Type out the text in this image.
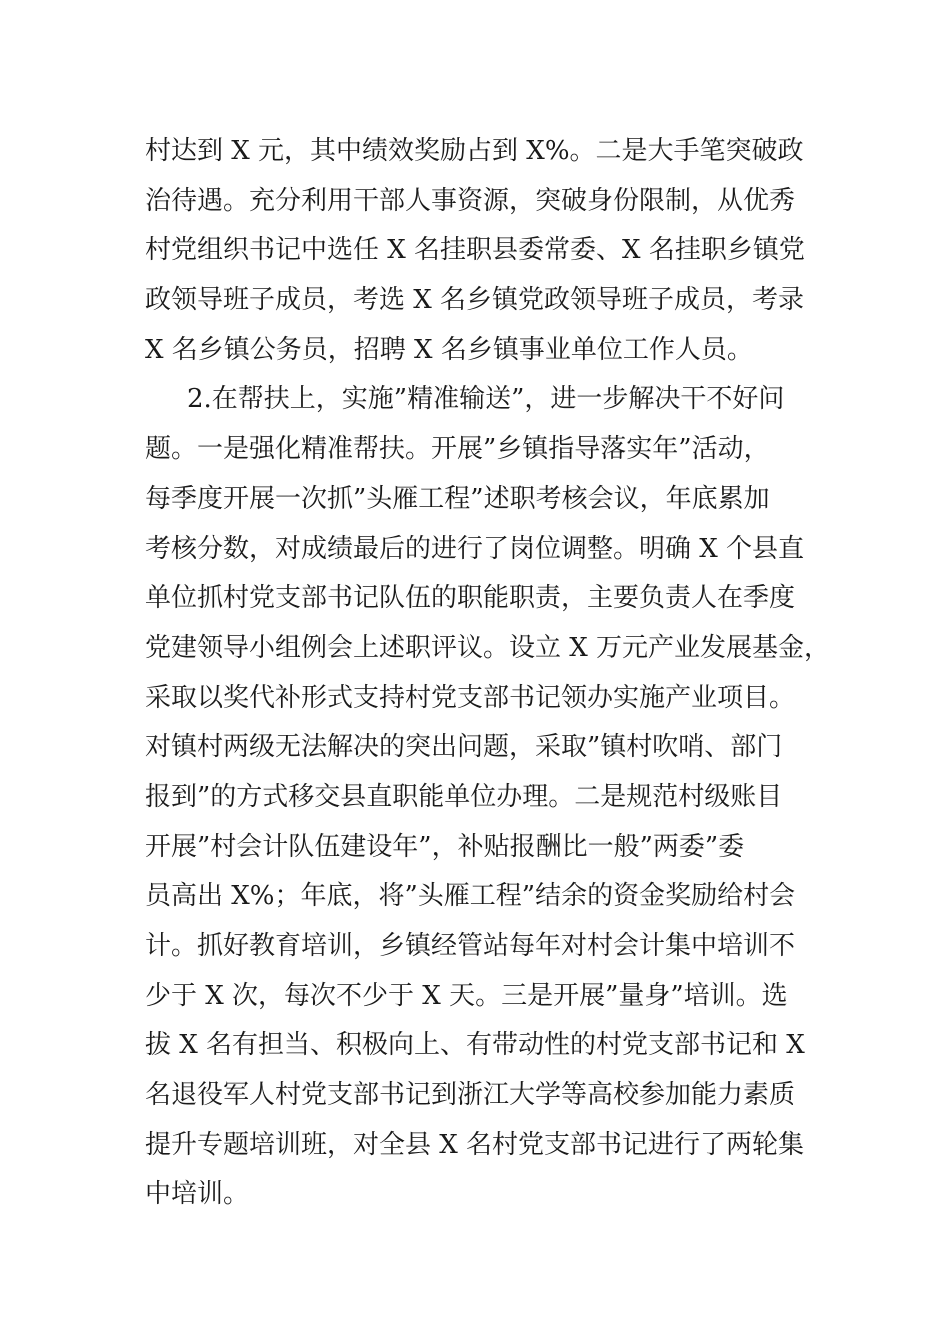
村达到 X 元，其中绩效奖励占到 X%。二是大手笔突破政
治待遇。充分利用干部人事资源，突破身份限制，从优秀
村党组织书记中选任 X 名挂职县委常委、X 名挂职乡镇党
政领导班子成员，考选 X 名乡镇党政领导班子成员，考录
X 名乡镇公务员，招聘 X 名乡镇事业单位工作人员。
2.在帮扶上，实施”精准输送”，进一步解决干不好问
题。一是强化精准帮扶。开展”乡镇指导落实年”活动，
每季度开展一次抓”头雁工程”述职考核会议，年底累加
考核分数，对成绩最后的进行了岗位调整。明确 X 个县直
单位抓村党支部书记队伍的职能职责，主要负责人在季度
党建领导小组例会上述职评议。设立 X 万元产业发展基金，
采取以奖代补形式支持村党支部书记领办实施产业项目。
对镇村两级无法解决的突出问题，采取”镇村吹哨、部门
报到”的方式移交县直职能单位办理。二是规范村级账目
开展”村会计队伍建设年”，补贴报酬比一般”两委”委
员高出 X%；年底，将”头雁工程”结余的资金奖励给村会
计。抓好教育培训，乡镇经管站每年对村会计集中培训不
少于 X 次，每次不少于 X 天。三是开展”量身”培训。选
拔 X 名有担当、积极向上、有带动性的村党支部书记和 X
名退役军人村党支部书记到浙江大学等高校参加能力素质
提升专题培训班，对全县 X 名村党支部书记进行了两轮集
中培训。
